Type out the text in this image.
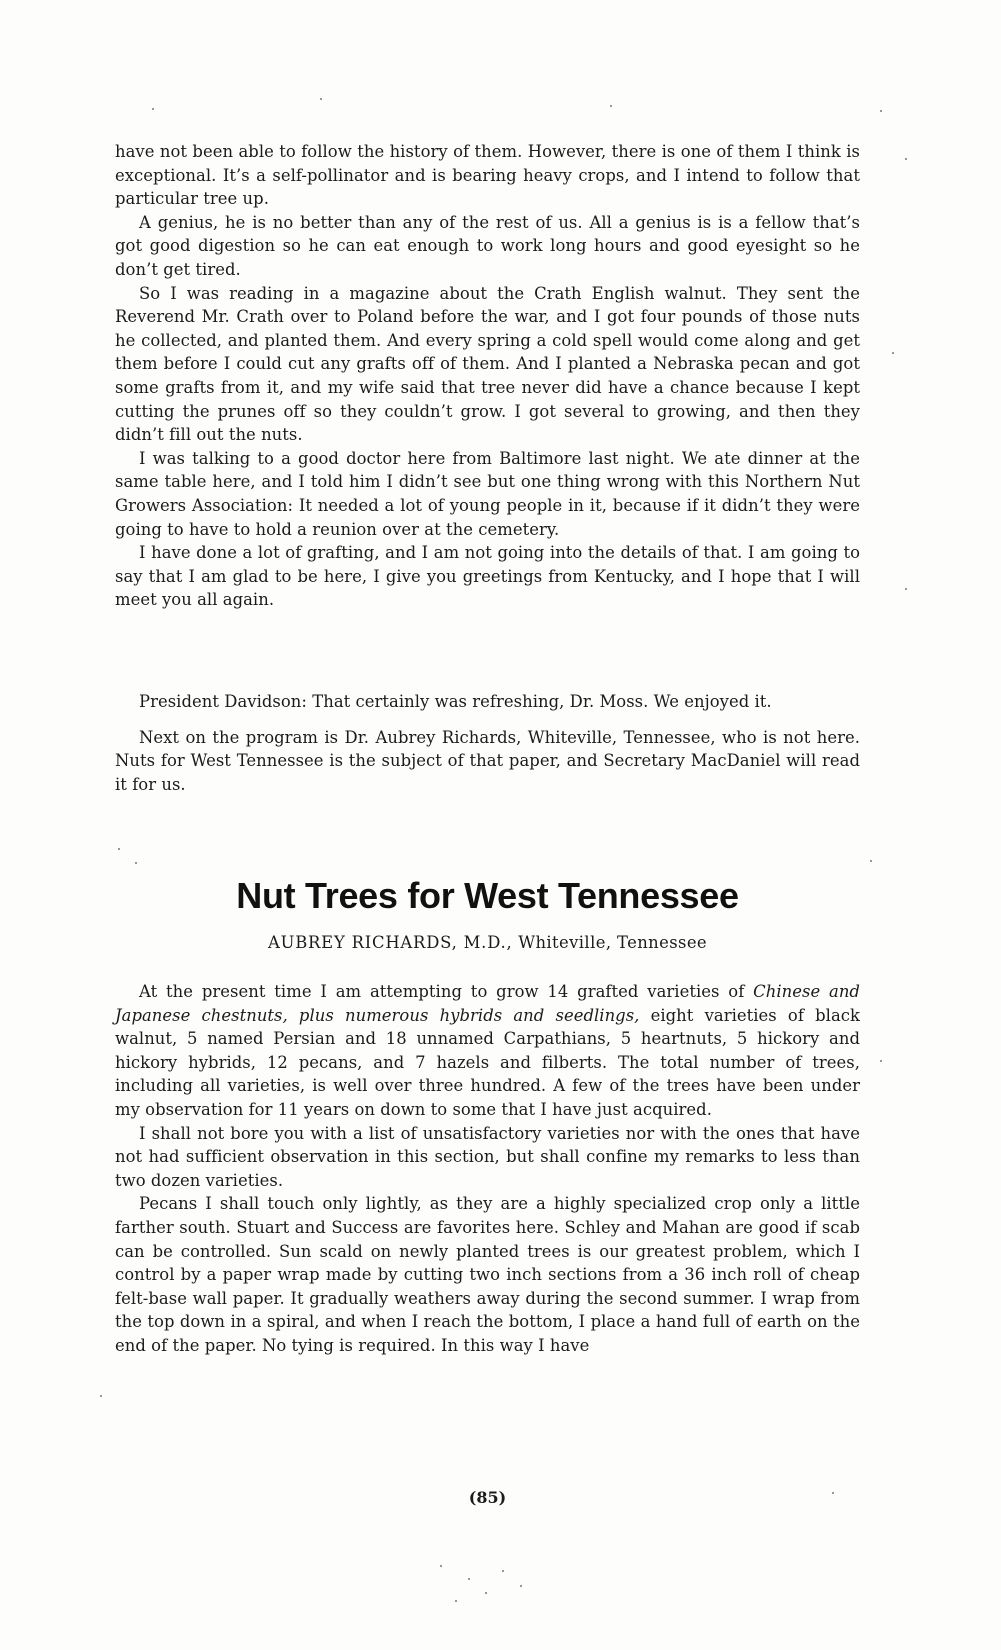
have not been able to follow the history of them. However, there is one of them I think is exceptional. It’s a self-pollinator and is bearing heavy crops, and I intend to follow that particular tree up.

A genius, he is no better than any of the rest of us. All a genius is is a fellow that’s got good digestion so he can eat enough to work long hours and good eyesight so he don’t get tired.

So I was reading in a magazine about the Crath English walnut. They sent the Reverend Mr. Crath over to Poland before the war, and I got four pounds of those nuts he collected, and planted them. And every spring a cold spell would come along and get them before I could cut any grafts off of them. And I planted a Nebraska pecan and got some grafts from it, and my wife said that tree never did have a chance because I kept cutting the prunes off so they couldn’t grow. I got several to growing, and then they didn’t fill out the nuts.

I was talking to a good doctor here from Baltimore last night. We ate dinner at the same table here, and I told him I didn’t see but one thing wrong with this Northern Nut Growers Association: It needed a lot of young people in it, because if it didn’t they were going to have to hold a reunion over at the cemetery.

I have done a lot of grafting, and I am not going into the details of that. I am going to say that I am glad to be here, I give you greetings from Kentucky, and I hope that I will meet you all again.

President Davidson: That certainly was refreshing, Dr. Moss. We enjoyed it.

Next on the program is Dr. Aubrey Richards, Whiteville, Tennessee, who is not here. Nuts for West Tennessee is the subject of that paper, and Secretary MacDaniel will read it for us.

Nut Trees for West Tennessee
AUBREY RICHARDS, M.D., Whiteville, Tennessee

At the present time I am attempting to grow 14 grafted varieties of Chinese and Japanese chestnuts, plus numerous hybrids and seedlings, eight varieties of black walnut, 5 named Persian and 18 unnamed Carpathians, 5 heartnuts, 5 hickory and hickory hybrids, 12 pecans, and 7 hazels and filberts. The total number of trees, including all varieties, is well over three hundred. A few of the trees have been under my observation for 11 years on down to some that I have just acquired.

I shall not bore you with a list of unsatisfactory varieties nor with the ones that have not had sufficient observation in this section, but shall confine my remarks to less than two dozen varieties.

Pecans I shall touch only lightly, as they are a highly specialized crop only a little farther south. Stuart and Success are favorites here. Schley and Mahan are good if scab can be controlled. Sun scald on newly planted trees is our greatest problem, which I control by a paper wrap made by cutting two inch sections from a 36 inch roll of cheap felt-base wall paper. It gradually weathers away during the second summer. I wrap from the top down in a spiral, and when I reach the bottom, I place a hand full of earth on the end of the paper. No tying is required. In this way I have

(85)
